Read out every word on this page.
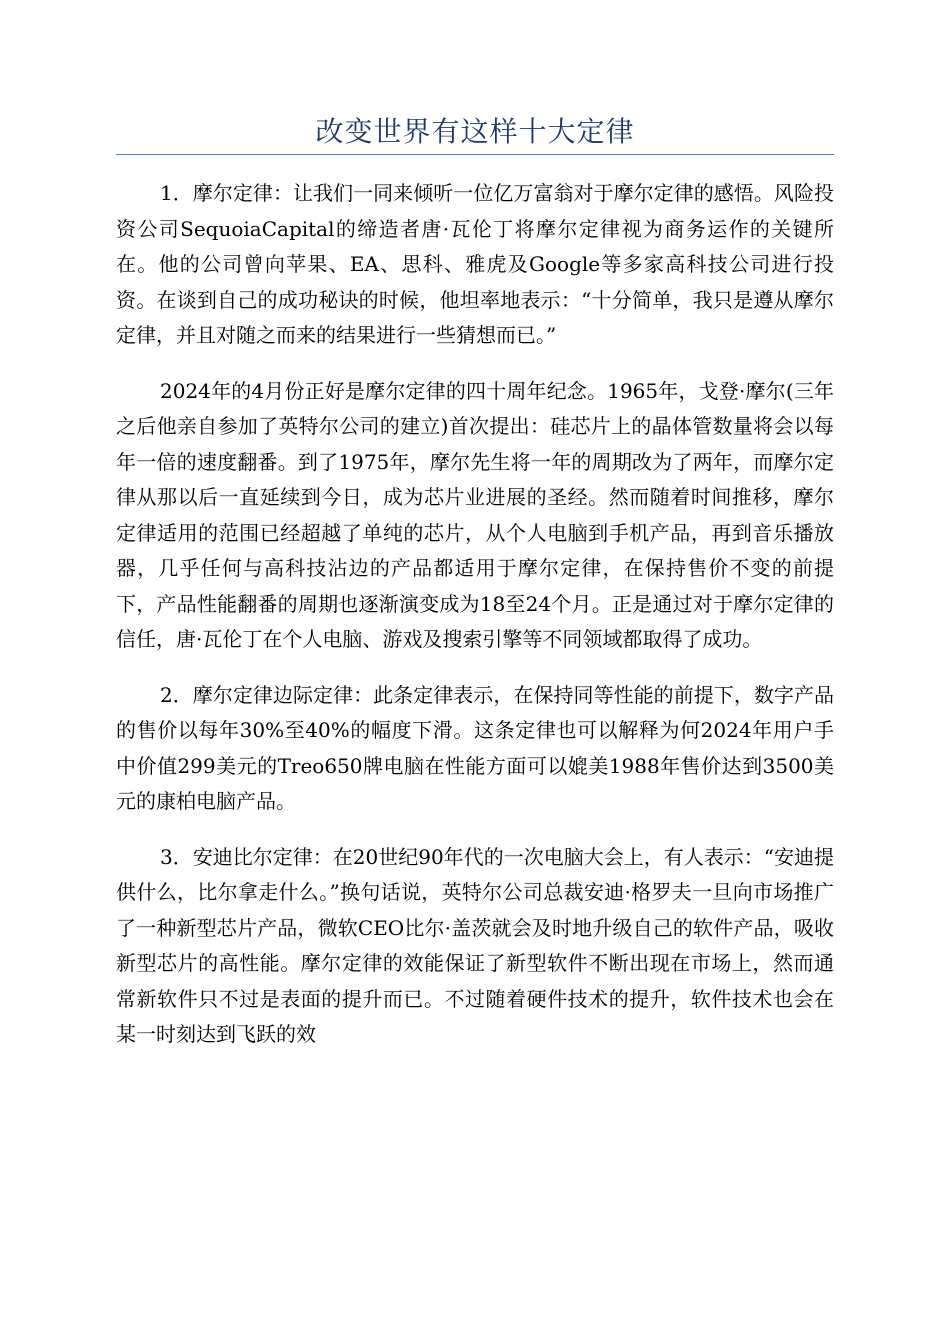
改变世界有这样十大定律

1．摩尔定律：让我们一同来倾听一位亿万富翁对于摩尔定律的感悟。风险投资公司SequoiaCapital的缔造者唐·瓦伦丁将摩尔定律视为商务运作的关键所在。他的公司曾向苹果、EA、思科、雅虎及Google等多家高科技公司进行投资。在谈到自己的成功秘诀的时候，他坦率地表示：“十分简单，我只是遵从摩尔定律，并且对随之而来的结果进行一些猜想而已。”

2024年的4月份正好是摩尔定律的四十周年纪念。1965年，戈登·摩尔(三年之后他亲自参加了英特尔公司的建立)首次提出：硅芯片上的晶体管数量将会以每年一倍的速度翻番。到了1975年，摩尔先生将一年的周期改为了两年，而摩尔定律从那以后一直延续到今日，成为芯片业进展的圣经。然而随着时间推移，摩尔定律适用的范围已经超越了单纯的芯片，从个人电脑到手机产品，再到音乐播放器，几乎任何与高科技沾边的产品都适用于摩尔定律，在保持售价不变的前提下，产品性能翻番的周期也逐渐演变成为18至24个月。正是通过对于摩尔定律的信任，唐·瓦伦丁在个人电脑、游戏及搜索引擎等不同领域都取得了成功。

2．摩尔定律边际定律：此条定律表示，在保持同等性能的前提下，数字产品的售价以每年30%至40%的幅度下滑。这条定律也可以解释为何2024年用户手中价值299美元的Treo650牌电脑在性能方面可以媲美1988年售价达到3500美元的康柏电脑产品。

3．安迪比尔定律：在20世纪90年代的一次电脑大会上，有人表示：“安迪提供什么，比尔拿走什么。”换句话说，英特尔公司总裁安迪·格罗夫一旦向市场推广了一种新型芯片产品，微软CEO比尔·盖茨就会及时地升级自己的软件产品，吸收新型芯片的高性能。摩尔定律的效能保证了新型软件不断出现在市场上，然而通常新软件只不过是表面的提升而已。不过随着硬件技术的提升，软件技术也会在某一时刻达到飞跃的效
